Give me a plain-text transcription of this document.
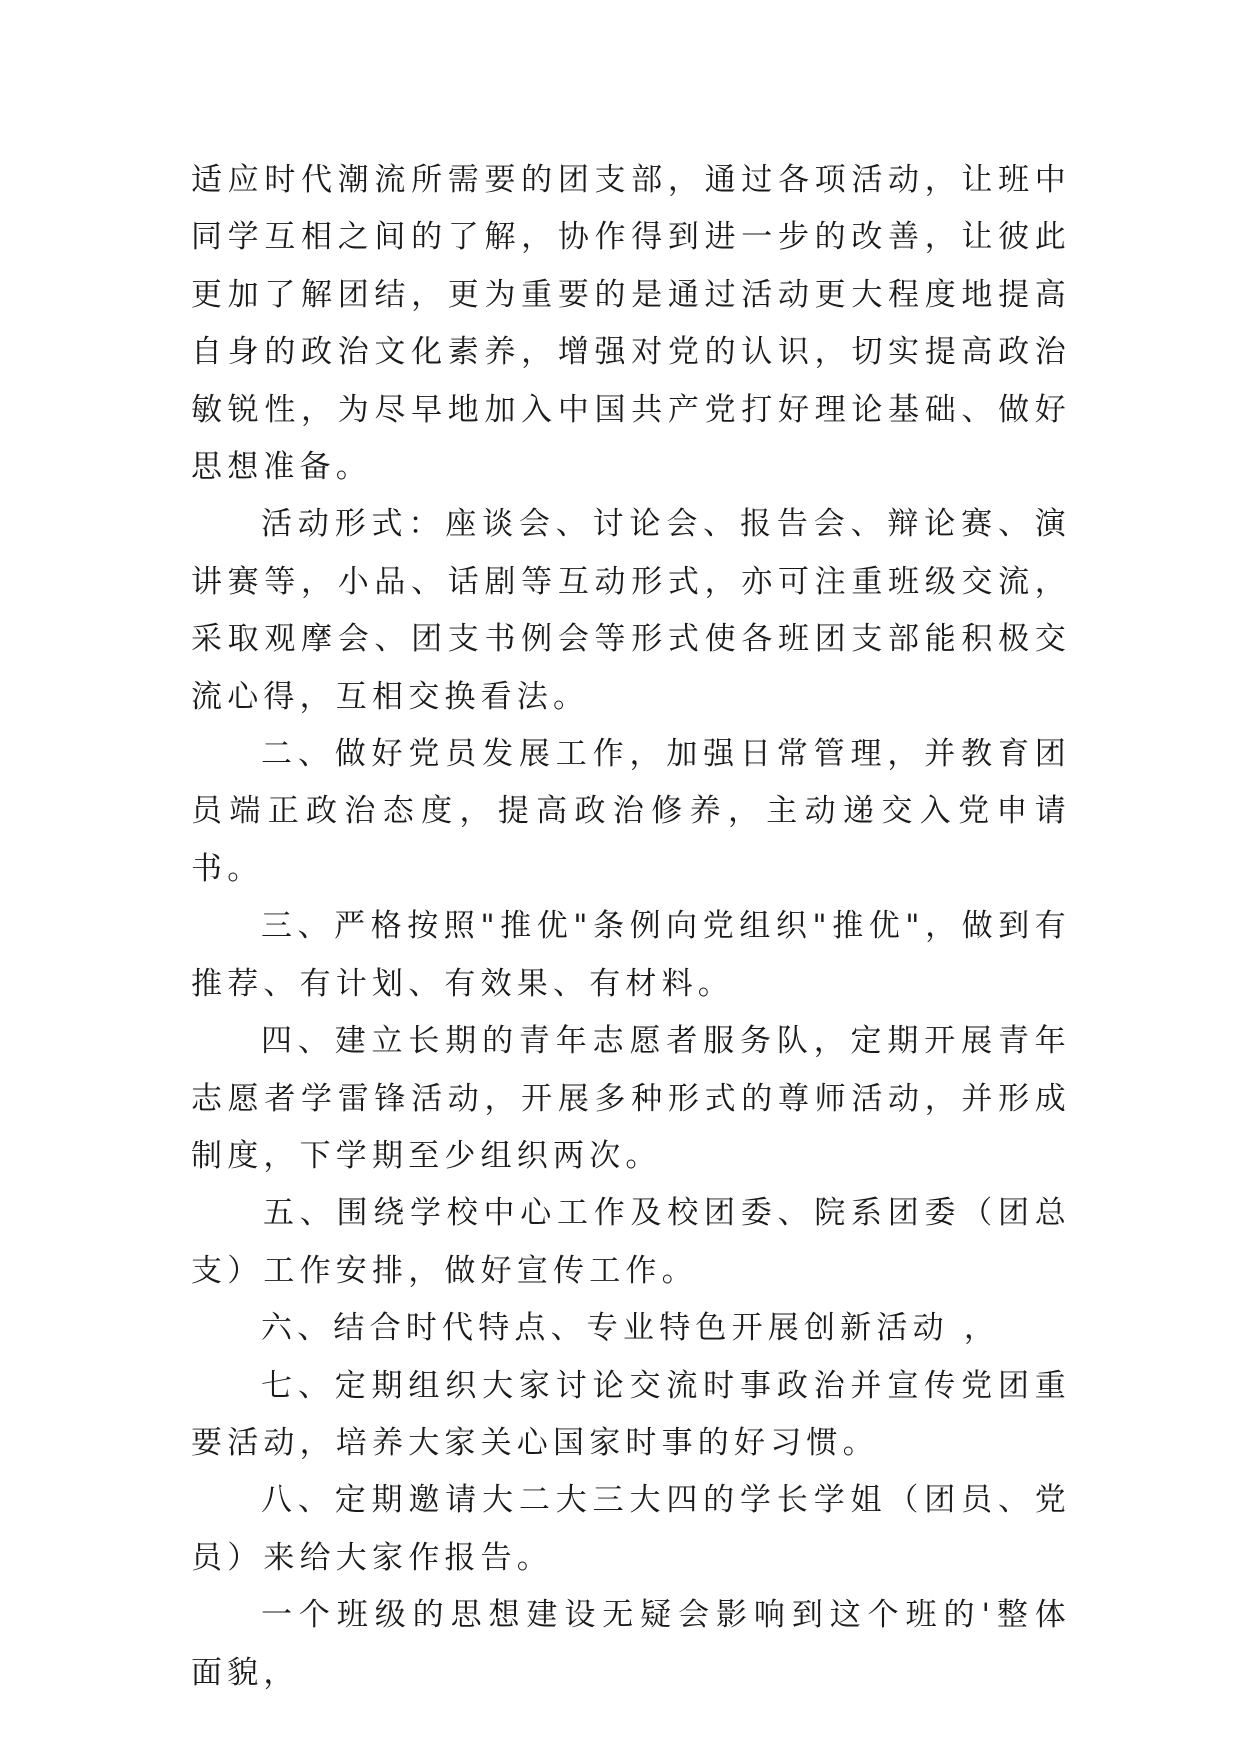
适应时代潮流所需要的团支部，通过各项活动，让班中同学互相之间的了解，协作得到进一步的改善，让彼此更加了解团结，更为重要的是通过活动更大程度地提高自身的政治文化素养，增强对党的认识，切实提高政治敏锐性，为尽早地加入中国共产党打好理论基础、做好思想准备。

活动形式：座谈会、讨论会、报告会、辩论赛、演讲赛等，小品、话剧等互动形式，亦可注重班级交流，采取观摩会、团支书例会等形式使各班团支部能积极交流心得，互相交换看法。

二、做好党员发展工作，加强日常管理，并教育团员端正政治态度，提高政治修养，主动递交入党申请书。

三、严格按照"推优"条例向党组织"推优"，做到有推荐、有计划、有效果、有材料。

四、建立长期的青年志愿者服务队，定期开展青年志愿者学雷锋活动，开展多种形式的尊师活动，并形成制度，下学期至少组织两次。

五、围绕学校中心工作及校团委、院系团委（团总支）工作安排，做好宣传工作。

六、结合时代特点、专业特色开展创新活动 ，

七、定期组织大家讨论交流时事政治并宣传党团重要活动，培养大家关心国家时事的好习惯。

八、定期邀请大二大三大四的学长学姐（团员、党员）来给大家作报告。

一个班级的思想建设无疑会影响到这个班的'整体面貌，
